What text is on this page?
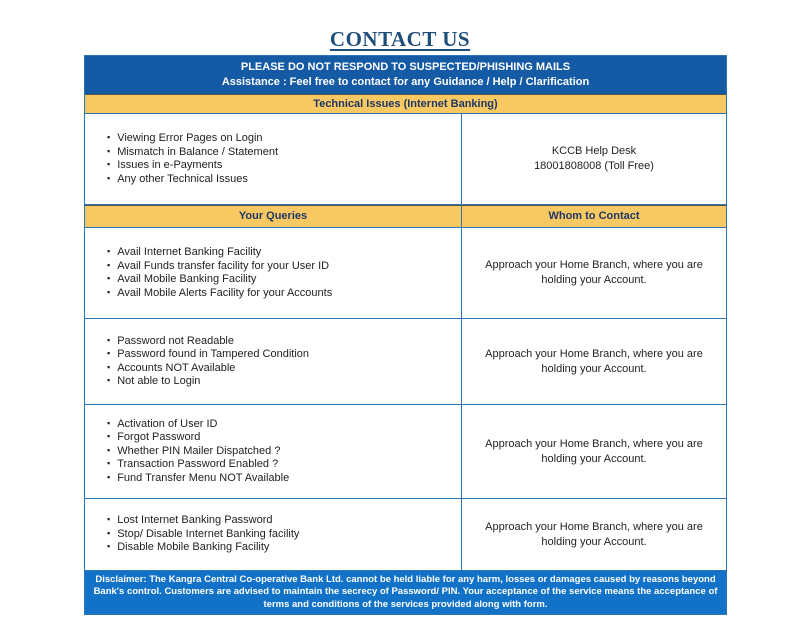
CONTACT US
PLEASE DO NOT RESPOND TO SUSPECTED/PHISHING MAILS
Assistance : Feel free to contact for any Guidance / Help / Clarification
Technical Issues (Internet Banking)
▪ Viewing Error Pages on Login
▪ Mismatch in Balance / Statement
▪ Issues in e-Payments
▪ Any other Technical Issues
KCCB Help Desk
18001808008 (Toll Free)
Your Queries	Whom to Contact
▪ Avail Internet Banking Facility
▪ Avail Funds transfer facility for your User ID
▪ Avail Mobile Banking Facility
▪ Avail Mobile Alerts Facility for your Accounts
Approach your Home Branch, where you are holding your Account.
▪ Password not Readable
▪ Password found in Tampered Condition
▪ Accounts NOT Available
▪ Not able to Login
Approach your Home Branch, where you are holding your Account.
▪ Activation of User ID
▪ Forgot Password
▪ Whether PIN Mailer Dispatched ?
▪ Transaction Password Enabled ?
▪ Fund Transfer Menu NOT Available
Approach your Home Branch, where you are holding your Account.
▪ Lost Internet Banking Password
▪ Stop/ Disable Internet Banking facility
▪ Disable Mobile Banking Facility
Approach your Home Branch, where you are holding your Account.
Disclaimer: The Kangra Central Co-operative Bank Ltd. cannot be held liable for any harm, losses or damages caused by reasons beyond Bank's control. Customers are advised to maintain the secrecy of Password/ PIN. Your acceptance of the service means the acceptance of terms and conditions of the services provided along with form.
